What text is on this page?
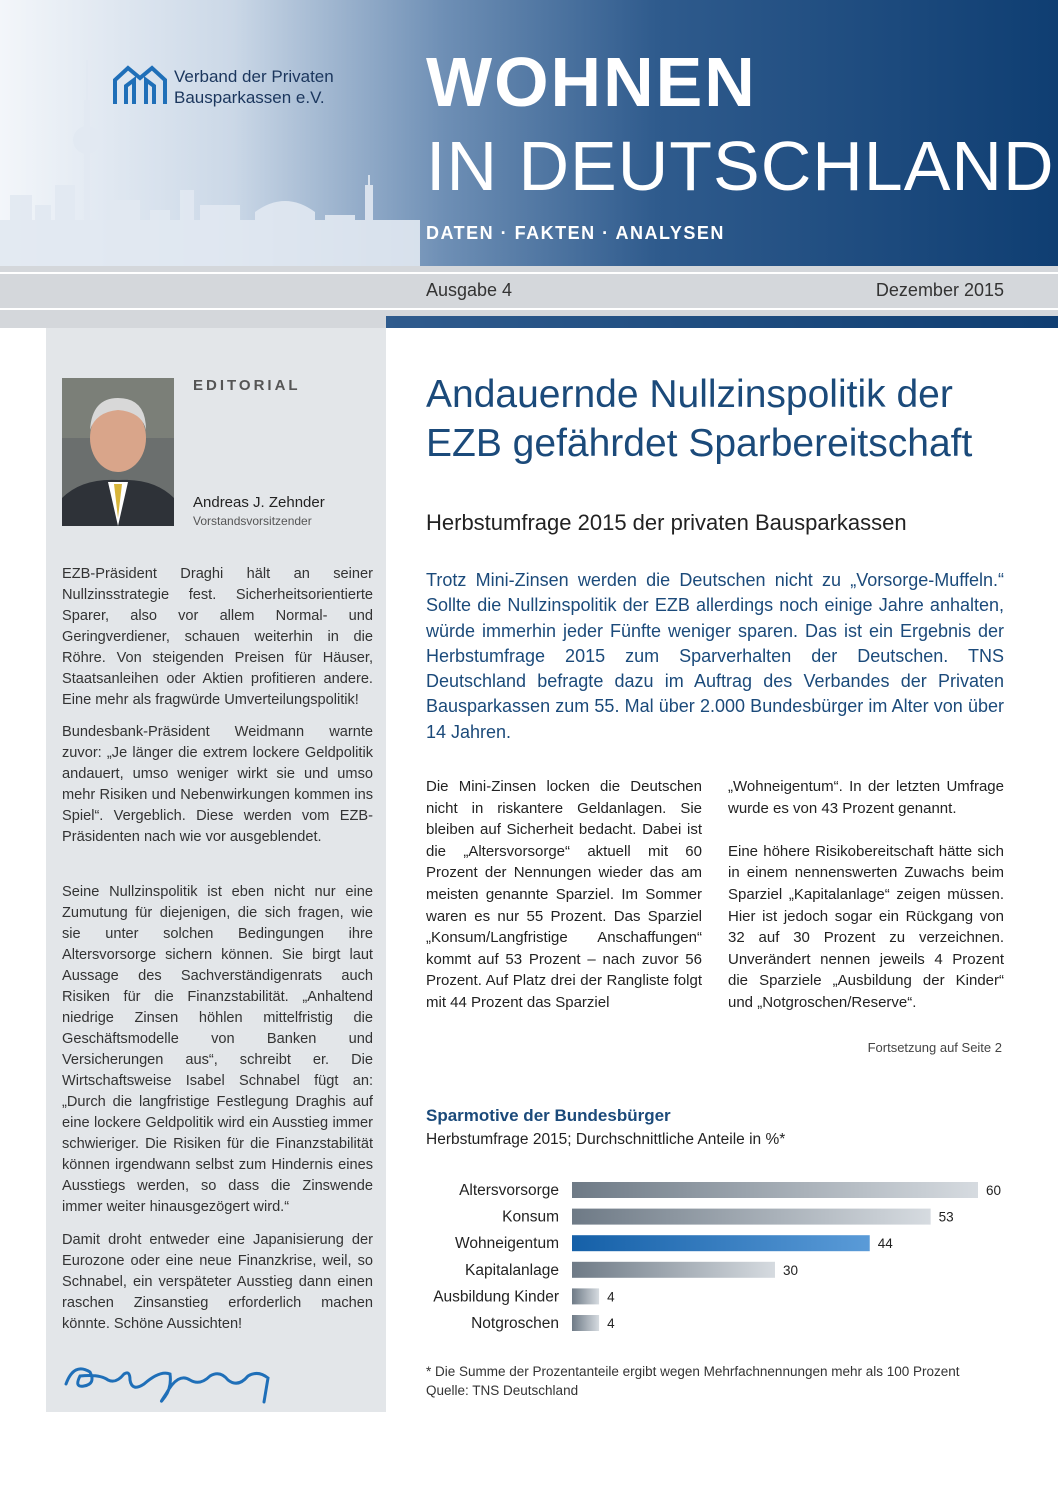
Verband der Privaten
Bausparkassen e.V. WOHNEN
IN DEUTSCHLAND
DATEN · FAKTEN · ANALYSEN
Ausgabe 4	Dezember 2015
EDITORIAL
Andreas J. Zehnder
Vorstandsvorsitzender
EZB-Präsident Draghi hält an seiner Nullzinsstrategie fest. Sicherheitsorientierte Sparer, also vor allem Normal- und Geringverdiener, schauen weiterhin in die Röhre. Von steigenden Preisen für Häuser, Staatsanleihen oder Aktien profitieren andere. Eine mehr als fragwürde Umverteilungspolitik!
Bundesbank-Präsident Weidmann warnte zuvor: „Je länger die extrem lockere Geldpolitik andauert, umso weniger wirkt sie und umso mehr Risiken und Nebenwirkungen kommen ins Spiel“. Vergeblich. Diese werden vom EZB-Präsidenten nach wie vor ausgeblendet.
Seine Nullzinspolitik ist eben nicht nur eine Zumutung für diejenigen, die sich fragen, wie sie unter solchen Bedingungen ihre Altersvorsorge sichern können. Sie birgt laut Aussage des Sachverständigenrats auch Risiken für die Finanzstabilität. „Anhaltend niedrige Zinsen höhlen mittelfristig die Geschäftsmodelle von Banken und Versicherungen aus“, schreibt er. Die Wirtschaftsweise Isabel Schnabel fügt an: „Durch die langfristige Festlegung Draghis auf eine lockere Geldpolitik wird ein Ausstieg immer schwieriger. Die Risiken für die Finanzstabilität können irgendwann selbst zum Hindernis eines Ausstiegs werden, so dass die Zinswende immer weiter hinausgezögert wird.“
Damit droht entweder eine Japanisierung der Eurozone oder eine neue Finanzkrise, weil, so Schnabel, ein verspäteter Ausstieg dann einen raschen Zinsanstieg erforderlich machen könnte. Schöne Aussichten!
Andauernde Nullzinspolitik der EZB gefährdet Sparbereitschaft
Herbstumfrage 2015 der privaten Bausparkassen
Trotz Mini-Zinsen werden die Deutschen nicht zu „Vorsorge-Muffeln.“ Sollte die Nullzinspolitik der EZB allerdings noch einige Jahre anhalten, würde immerhin jeder Fünfte weniger sparen. Das ist ein Ergebnis der Herbstumfrage 2015 zum Sparverhalten der Deutschen. TNS Deutschland befragte dazu im Auftrag des Verbandes der Privaten Bausparkassen zum 55. Mal über 2.000 Bundesbürger im Alter von über 14 Jahren.

Die Mini-Zinsen locken die Deutschen nicht in riskantere Geldanlagen. Sie bleiben auf Sicherheit bedacht. Dabei ist die „Altersvorsorge“ aktuell mit 60 Prozent der Nennungen wieder das am meisten genannte Sparziel. Im Sommer waren es nur 55 Prozent. Das Sparziel „Konsum/Langfristige Anschaffungen“ kommt auf 53 Prozent – nach zuvor 56 Prozent. Auf Platz drei der Rangliste folgt mit 44 Prozent das Sparziel

„Wohneigentum“. In der letzten Umfrage wurde es von 43 Prozent genannt.

Eine höhere Risikobereitschaft hätte sich in einem nennenswerten Zuwachs beim Sparziel „Kapitalanlage“ zeigen müssen. Hier ist jedoch sogar ein Rückgang von 32 auf 30 Prozent zu verzeichnen. Unverändert nennen jeweils 4 Prozent die Sparziele „Ausbildung der Kinder“ und „Notgroschen/Reserve“.

Fortsetzung auf Seite 2
Sparmotive der Bundesbürger
Herbstumfrage 2015; Durchschnittliche Anteile in %*
Altersvorsorge	60
Konsum	53
Wohneigentum	44
Kapitalanlage	30
Ausbildung Kinder	4
Notgroschen	4
* Die Summe der Prozentanteile ergibt wegen Mehrfachnennungen mehr als 100 Prozent
Quelle: TNS Deutschland
